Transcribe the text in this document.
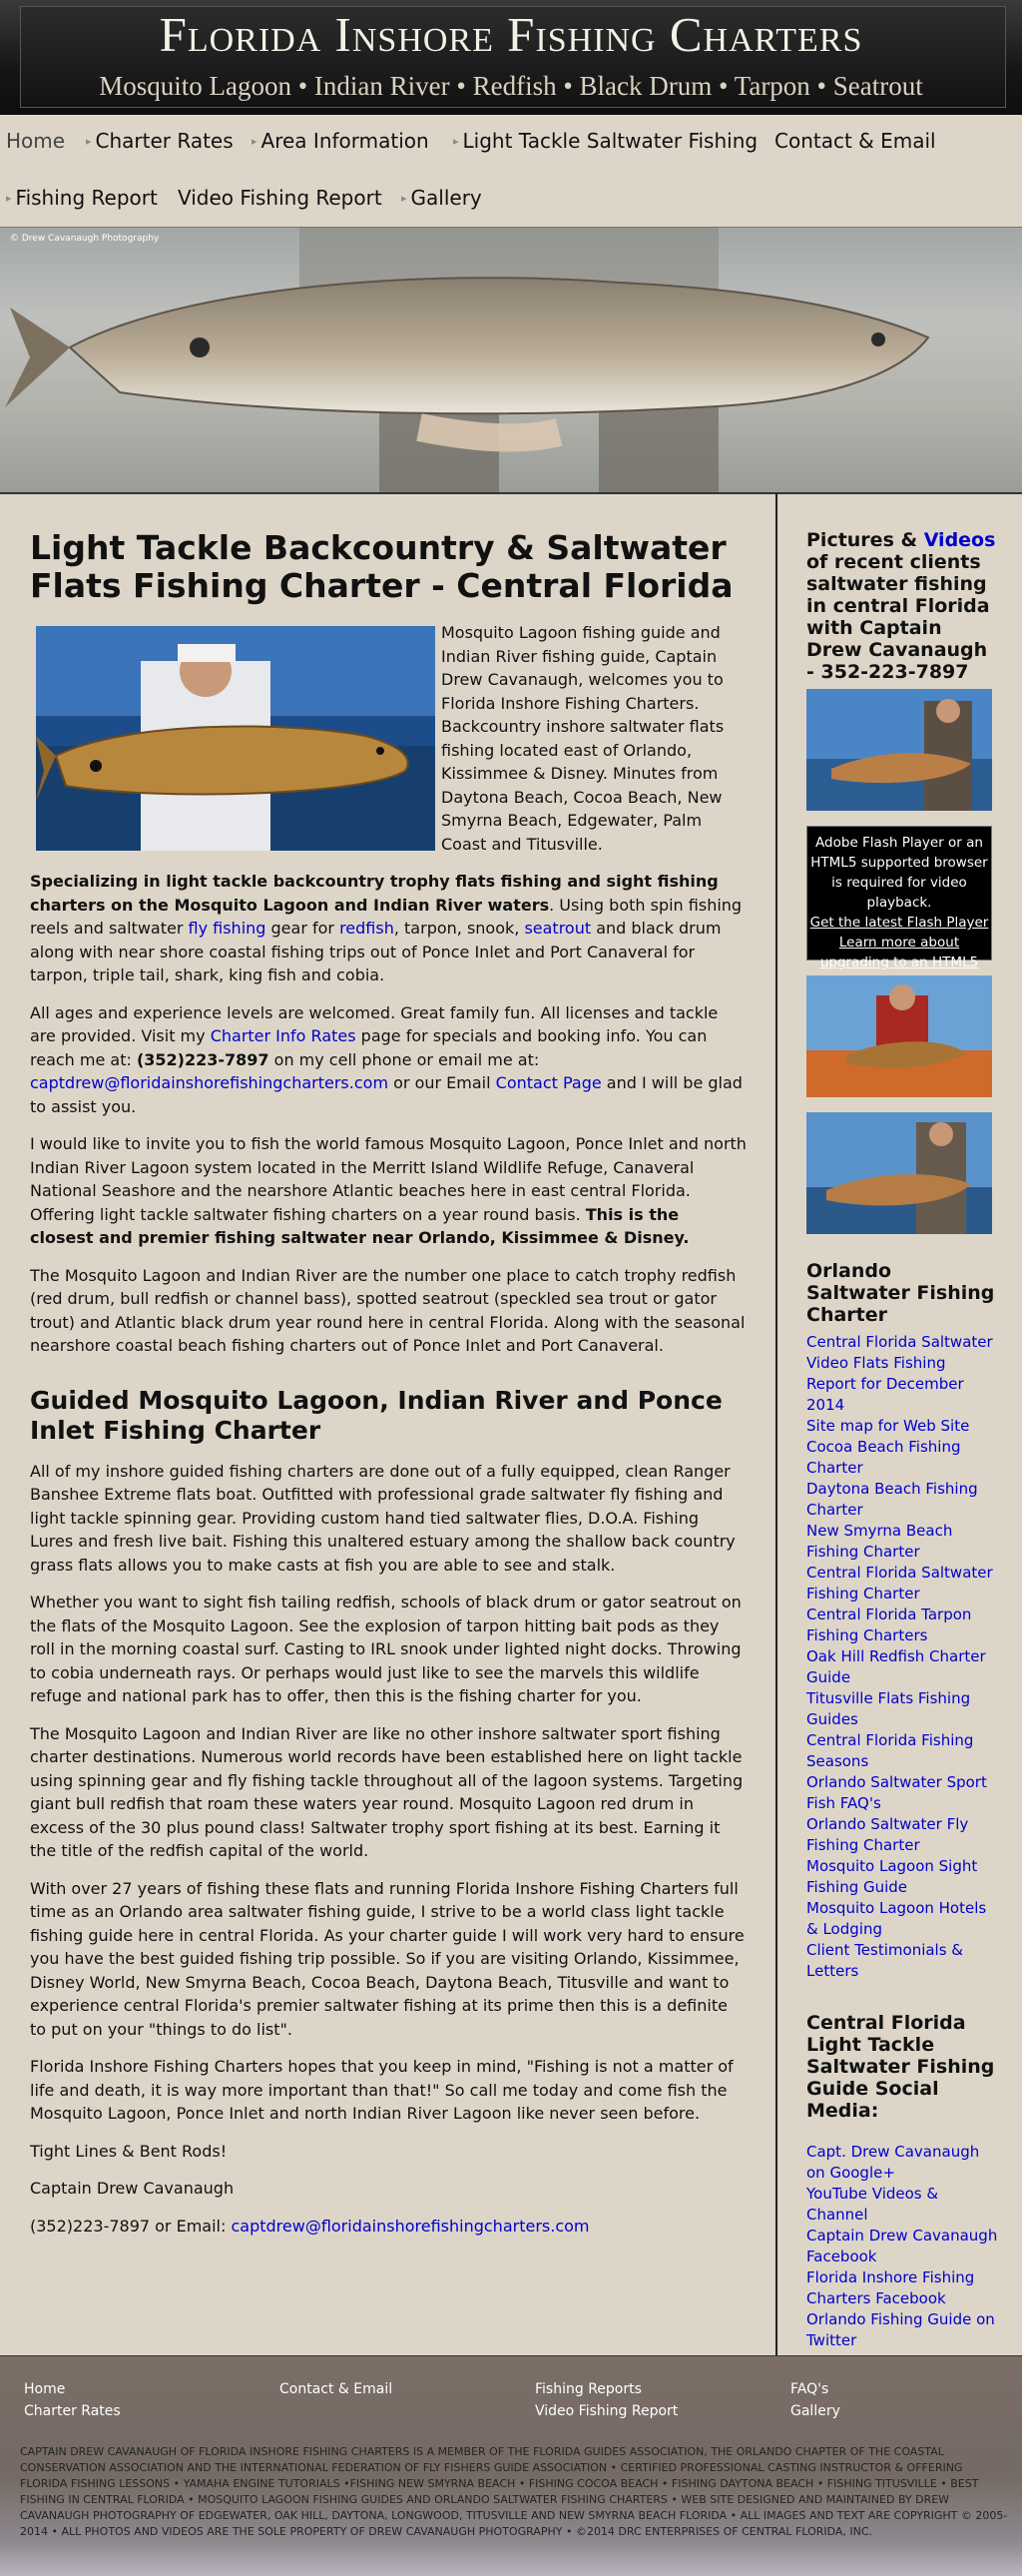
Florida Inshore Fishing Charters
Mosquito Lagoon • Indian River • Redfish • Black Drum • Tarpon • Seatrout
Home ▸ Charter Rates ▸ Area Information ▸ Light Tackle Saltwater Fishing Contact & Email
▸ Fishing Report Video Fishing Report ▸ Gallery
© Drew Cavanaugh Photography
Light Tackle Backcountry & Saltwater Flats Fishing Charter - Central Florida

Mosquito Lagoon fishing guide and Indian River fishing guide, Captain Drew Cavanaugh, welcomes you to Florida Inshore Fishing Charters. Backcountry inshore saltwater flats fishing located east of Orlando, Kissimmee & Disney. Minutes from Daytona Beach, Cocoa Beach, New Smyrna Beach, Edgewater, Palm Coast and Titusville.

Specializing in light tackle backcountry trophy flats fishing and sight fishing charters on the Mosquito Lagoon and Indian River waters. Using both spin fishing reels and saltwater fly fishing gear for redfish, tarpon, snook, seatrout and black drum along with near shore coastal fishing trips out of Ponce Inlet and Port Canaveral for tarpon, triple tail, shark, king fish and cobia.

All ages and experience levels are welcomed. Great family fun. All licenses and tackle are provided. Visit my Charter Info Rates page for specials and booking info. You can reach me at: (352)223-7897 on my cell phone or email me at: captdrew@floridainshorefishingcharters.com or our Email Contact Page and I will be glad to assist you.

I would like to invite you to fish the world famous Mosquito Lagoon, Ponce Inlet and north Indian River Lagoon system located in the Merritt Island Wildlife Refuge, Canaveral National Seashore and the nearshore Atlantic beaches here in east central Florida. Offering light tackle saltwater fishing charters on a year round basis. This is the closest and premier fishing saltwater near Orlando, Kissimmee & Disney.

The Mosquito Lagoon and Indian River are the number one place to catch trophy redfish (red drum, bull redfish or channel bass), spotted seatrout (speckled sea trout or gator trout) and Atlantic black drum year round here in central Florida. Along with the seasonal nearshore coastal beach fishing charters out of Ponce Inlet and Port Canaveral.

Guided Mosquito Lagoon, Indian River and Ponce Inlet Fishing Charter

All of my inshore guided fishing charters are done out of a fully equipped, clean Ranger Banshee Extreme flats boat. Outfitted with professional grade saltwater fly fishing and light tackle spinning gear. Providing custom hand tied saltwater flies, D.O.A. Fishing Lures and fresh live bait. Fishing this unaltered estuary among the shallow back country grass flats allows you to make casts at fish you are able to see and stalk.

Whether you want to sight fish tailing redfish, schools of black drum or gator seatrout on the flats of the Mosquito Lagoon. See the explosion of tarpon hitting bait pods as they roll in the morning coastal surf. Casting to IRL snook under lighted night docks. Throwing to cobia underneath rays. Or perhaps would just like to see the marvels this wildlife refuge and national park has to offer, then this is the fishing charter for you.

The Mosquito Lagoon and Indian River are like no other inshore saltwater sport fishing charter destinations. Numerous world records have been established here on light tackle using spinning gear and fly fishing tackle throughout all of the lagoon systems. Targeting giant bull redfish that roam these waters year round. Mosquito Lagoon red drum in excess of the 30 plus pound class! Saltwater trophy sport fishing at its best. Earning it the title of the redfish capital of the world.

With over 27 years of fishing these flats and running Florida Inshore Fishing Charters full time as an Orlando area saltwater fishing guide, I strive to be a world class light tackle fishing guide here in central Florida. As your charter guide I will work very hard to ensure you have the best guided fishing trip possible. So if you are visiting Orlando, Kissimmee, Disney World, New Smyrna Beach, Cocoa Beach, Daytona Beach, Titusville and want to experience central Florida's premier saltwater fishing at its prime then this is a definite to put on your "things to do list".

Florida Inshore Fishing Charters hopes that you keep in mind, "Fishing is not a matter of life and death, it is way more important than that!" So call me today and come fish the Mosquito Lagoon, Ponce Inlet and north Indian River Lagoon like never seen before.

Tight Lines & Bent Rods!

Captain Drew Cavanaugh

(352)223-7897 or Email: captdrew@floridainshorefishingcharters.com

Pictures & Videos of recent clients saltwater fishing in central Florida with Captain Drew Cavanaugh - 352-223-7897

Adobe Flash Player or an HTML5 supported browser is required for video playback.
Get the latest Flash Player
Learn more about upgrading to an HTML5

Orlando Saltwater Fishing Charter

Central Florida Saltwater Video Flats Fishing Report for December 2014
Site map for Web Site
Cocoa Beach Fishing Charter
Daytona Beach Fishing Charter
New Smyrna Beach Fishing Charter
Central Florida Saltwater Fishing Charter
Central Florida Tarpon Fishing Charters
Oak Hill Redfish Charter Guide
Titusville Flats Fishing Guides
Central Florida Fishing Seasons
Orlando Saltwater Sport Fish FAQ's
Orlando Saltwater Fly Fishing Charter
Mosquito Lagoon Sight Fishing Guide
Mosquito Lagoon Hotels & Lodging
Client Testimonials & Letters

Central Florida Light Tackle Saltwater Fishing Guide Social Media:

Capt. Drew Cavanaugh on Google+
YouTube Videos & Channel
Captain Drew Cavanaugh Facebook
Florida Inshore Fishing Charters Facebook
Orlando Fishing Guide on Twitter
Home
Charter Rates
Contact & Email	Fishing Reports
Video Fishing Report
FAQ's
Gallery
CAPTAIN DREW CAVANAUGH OF FLORIDA INSHORE FISHING CHARTERS IS A MEMBER OF THE FLORIDA GUIDES ASSOCIATION, THE ORLANDO CHAPTER OF THE COASTAL CONSERVATION ASSOCIATION AND THE INTERNATIONAL FEDERATION OF FLY FISHERS GUIDE ASSOCIATION • CERTIFIED PROFESSIONAL CASTING INSTRUCTOR & OFFERING FLORIDA FISHING LESSONS • YAMAHA ENGINE TUTORIALS •FISHING NEW SMYRNA BEACH • FISHING COCOA BEACH • FISHING DAYTONA BEACH • FISHING TITUSVILLE • BEST FISHING IN CENTRAL FLORIDA • MOSQUITO LAGOON FISHING GUIDES AND ORLANDO SALTWATER FISHING CHARTERS • WEB SITE DESIGNED AND MAINTAINED BY DREW CAVANAUGH PHOTOGRAPHY OF EDGEWATER, OAK HILL, DAYTONA, LONGWOOD, TITUSVILLE AND NEW SMYRNA BEACH FLORIDA • ALL IMAGES AND TEXT ARE COPYRIGHT © 2005-2014 • ALL PHOTOS AND VIDEOS ARE THE SOLE PROPERTY OF DREW CAVANAUGH PHOTOGRAPHY • ©2014 DRC ENTERPRISES OF CENTRAL FLORIDA, INC.
